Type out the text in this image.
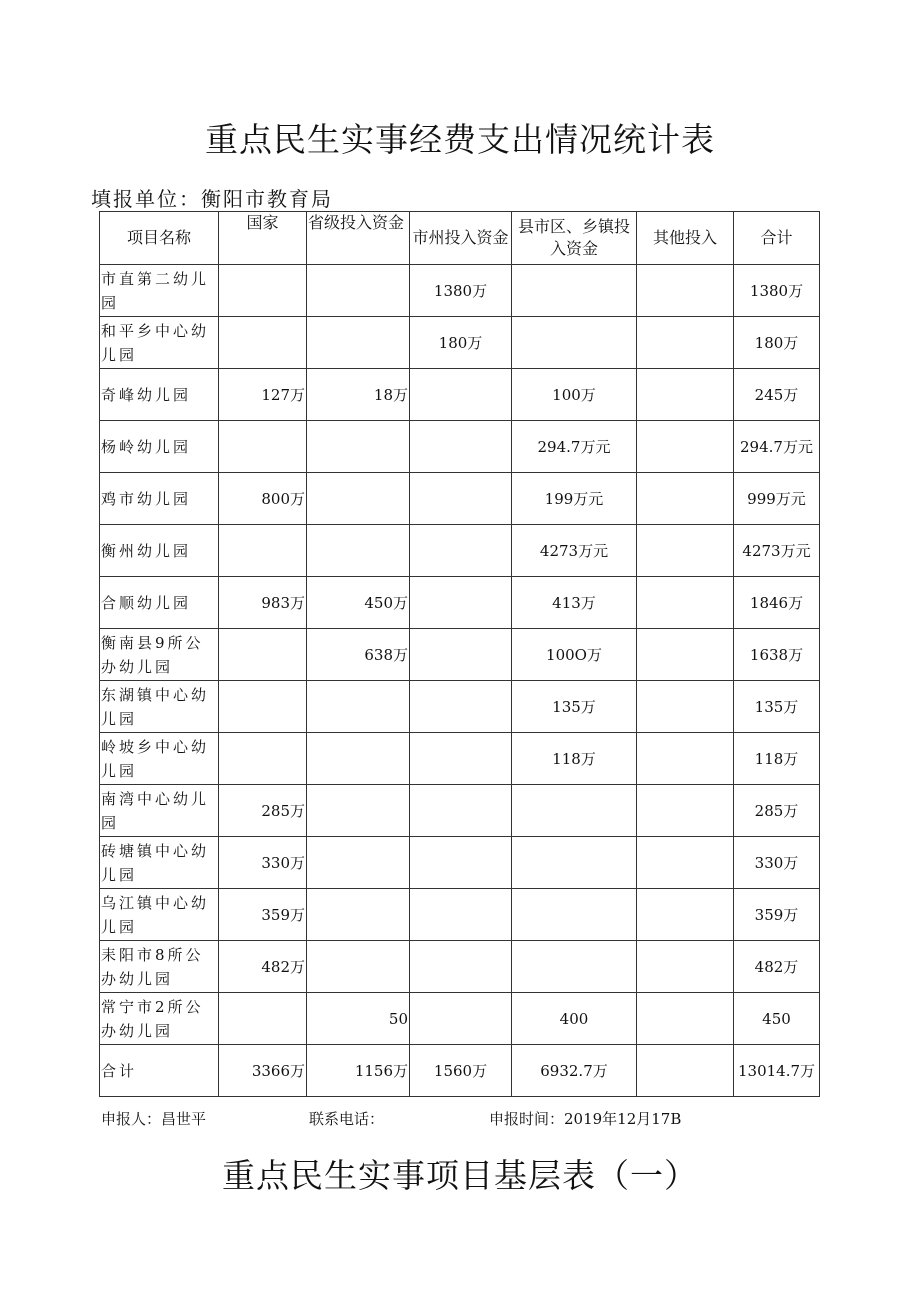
重点民生实事经费支出情况统计表
填报单位：衡阳市教育局
项目名称	国家	省级投入资金	市州投入资金	县市区、乡镇投入资金	其他投入	合计
市直第二幼儿园			1380万			1380万
和平乡中心幼儿园			180万			180万
奇峰幼儿园	127万	18万		100万		245万
杨岭幼儿园				294.7万元		294.7万元
鸡市幼儿园	800万			199万元		999万元
衡州幼儿园				4273万元		4273万元
合顺幼儿园	983万	450万		413万		1846万
衡南县9所公办幼儿园		638万		100O万		1638万
东湖镇中心幼儿园				135万		135万
岭坡乡中心幼儿园				118万		118万
南湾中心幼儿园	285万					285万
砖塘镇中心幼儿园	330万					330万
乌江镇中心幼儿园	359万					359万
耒阳市8所公办幼儿园	482万					482万
常宁市2所公办幼儿园		50		400		450
合计	3366万	1156万	1560万	6932.7万		13014.7万
申报人：昌世平	联系电话：	申报时间：2019年12月17B
重点民生实事项目基层表（一）
